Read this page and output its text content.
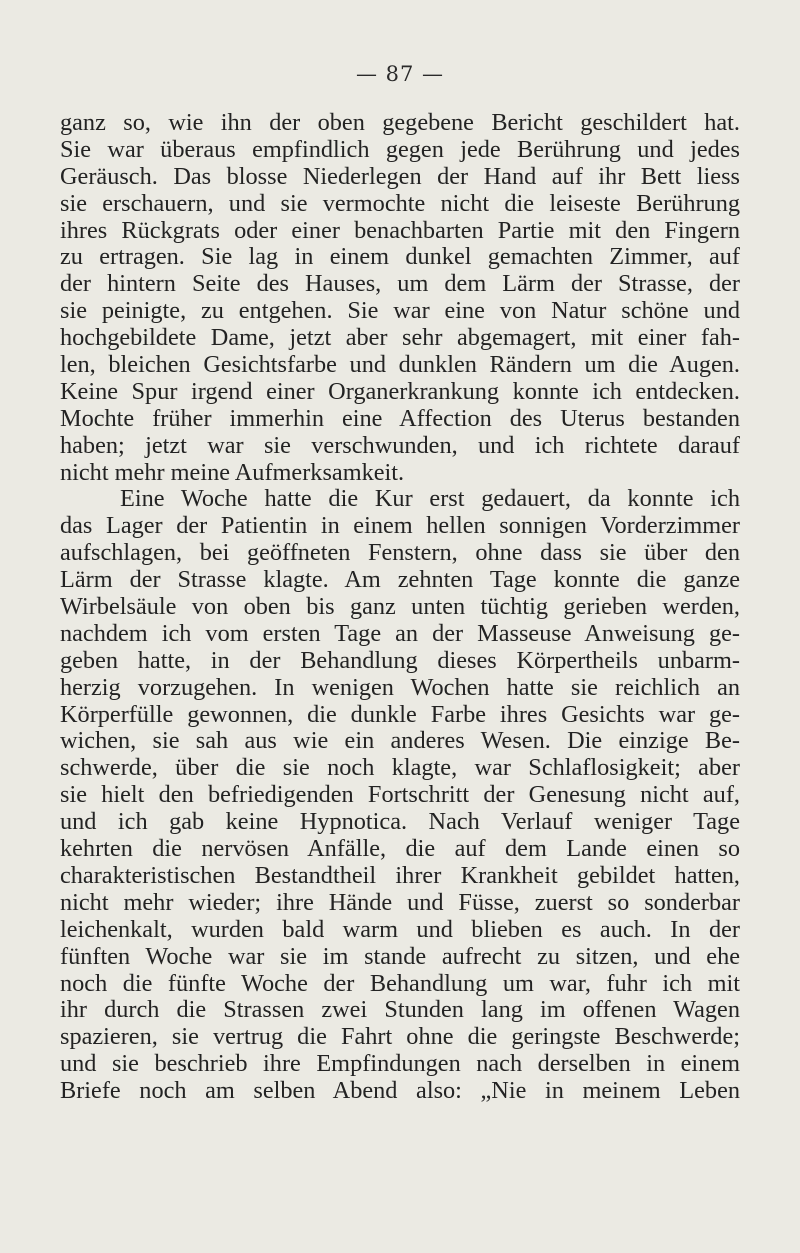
— 87 —
ganz so, wie ihn der oben gegebene Bericht geschildert hat.
Sie war überaus empfindlich gegen jede Berührung und jedes
Geräusch. Das blosse Niederlegen der Hand auf ihr Bett liess
sie erschauern, und sie vermochte nicht die leiseste Berührung
ihres Rückgrats oder einer benachbarten Partie mit den Fingern
zu ertragen. Sie lag in einem dunkel gemachten Zimmer, auf
der hintern Seite des Hauses, um dem Lärm der Strasse, der
sie peinigte, zu entgehen. Sie war eine von Natur schöne und
hochgebildete Dame, jetzt aber sehr abgemagert, mit einer fah-
len, bleichen Gesichtsfarbe und dunklen Rändern um die Augen.
Keine Spur irgend einer Organerkrankung konnte ich entdecken.
Mochte früher immerhin eine Affection des Uterus bestanden
haben; jetzt war sie verschwunden, und ich richtete darauf
nicht mehr meine Aufmerksamkeit.
Eine Woche hatte die Kur erst gedauert, da konnte ich
das Lager der Patientin in einem hellen sonnigen Vorderzimmer
aufschlagen, bei geöffneten Fenstern, ohne dass sie über den
Lärm der Strasse klagte. Am zehnten Tage konnte die ganze
Wirbelsäule von oben bis ganz unten tüchtig gerieben werden,
nachdem ich vom ersten Tage an der Masseuse Anweisung ge-
geben hatte, in der Behandlung dieses Körpertheils unbarm-
herzig vorzugehen. In wenigen Wochen hatte sie reichlich an
Körperfülle gewonnen, die dunkle Farbe ihres Gesichts war ge-
wichen, sie sah aus wie ein anderes Wesen. Die einzige Be-
schwerde, über die sie noch klagte, war Schlaflosigkeit; aber
sie hielt den befriedigenden Fortschritt der Genesung nicht auf,
und ich gab keine Hypnotica. Nach Verlauf weniger Tage
kehrten die nervösen Anfälle, die auf dem Lande einen so
charakteristischen Bestandtheil ihrer Krankheit gebildet hatten,
nicht mehr wieder; ihre Hände und Füsse, zuerst so sonderbar
leichenkalt, wurden bald warm und blieben es auch. In der
fünften Woche war sie im stande aufrecht zu sitzen, und ehe
noch die fünfte Woche der Behandlung um war, fuhr ich mit
ihr durch die Strassen zwei Stunden lang im offenen Wagen
spazieren, sie vertrug die Fahrt ohne die geringste Beschwerde;
und sie beschrieb ihre Empfindungen nach derselben in einem
Briefe noch am selben Abend also: „Nie in meinem Leben
